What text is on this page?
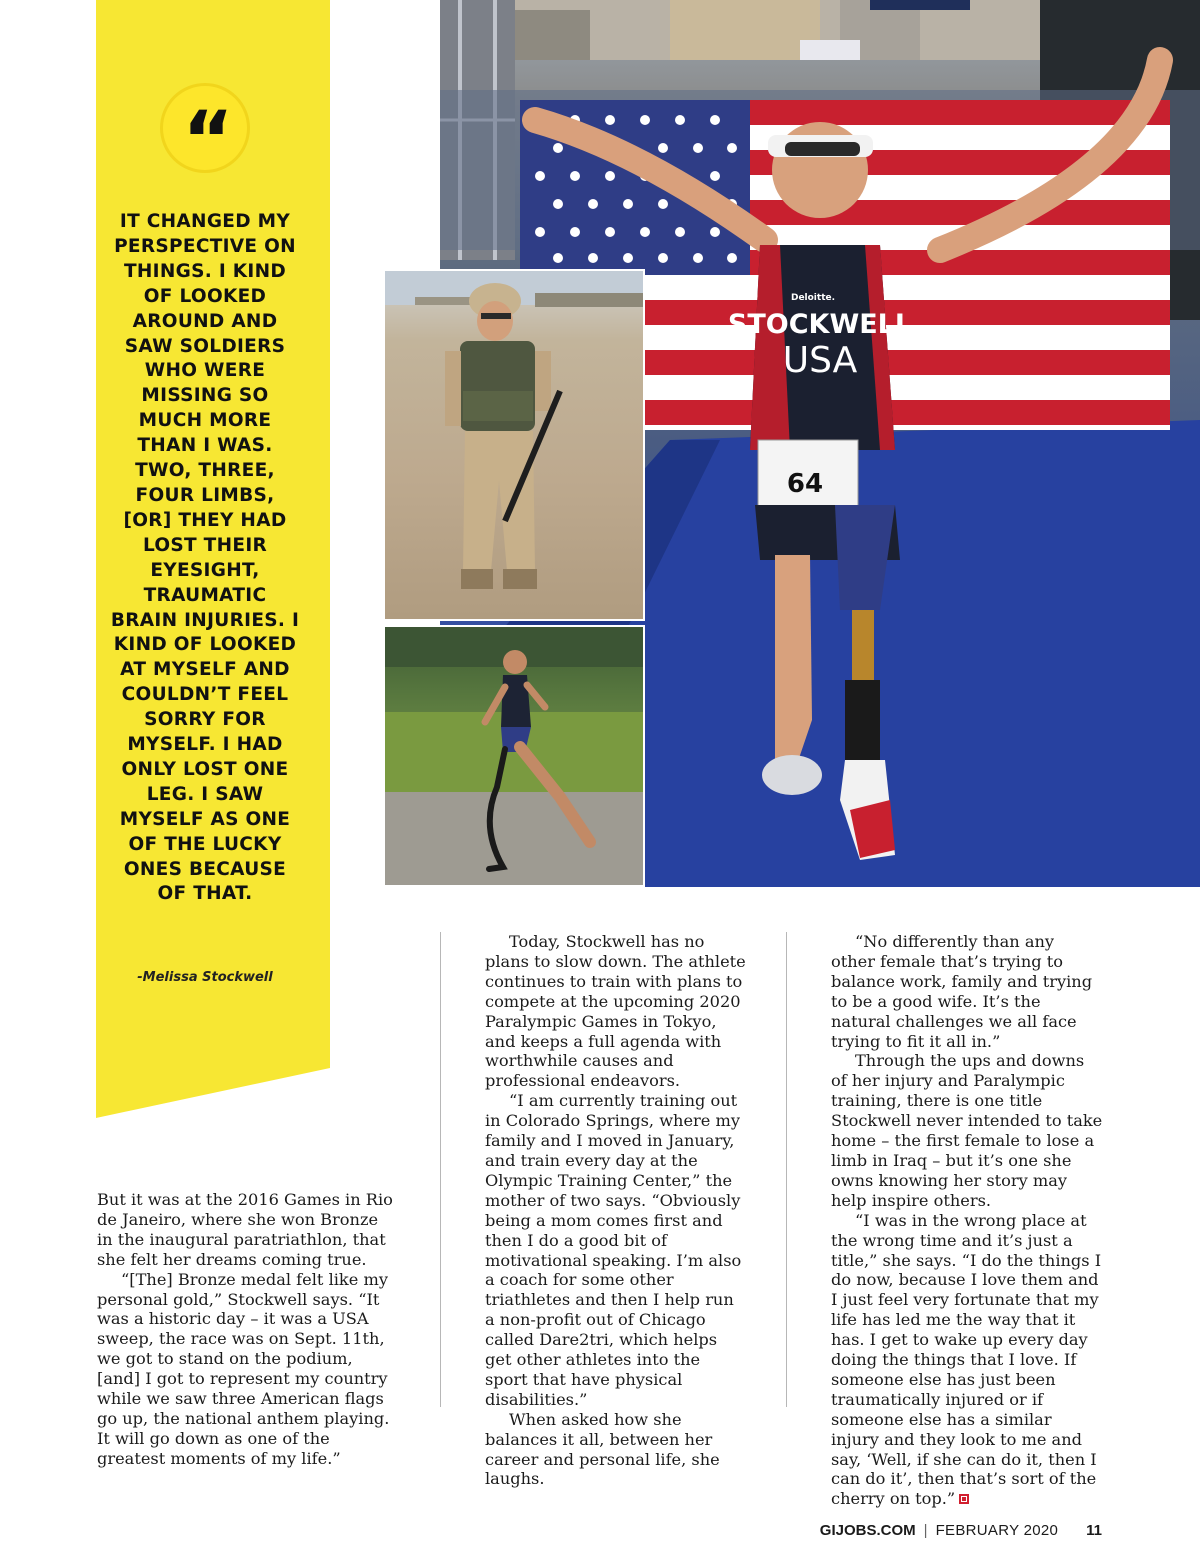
“

IT CHANGED MY PERSPECTIVE ON THINGS. I KIND OF LOOKED AROUND AND SAW SOLDIERS WHO WERE MISSING SO MUCH MORE THAN I WAS. TWO, THREE, FOUR LIMBS, [OR] THEY HAD LOST THEIR EYESIGHT, TRAUMATIC BRAIN INJURIES. I KIND OF LOOKED AT MYSELF AND COULDN’T FEEL SORRY FOR MYSELF. I HAD ONLY LOST ONE LEG. I SAW MYSELF AS ONE OF THE LUCKY ONES BECAUSE OF THAT.

-Melissa Stockwell
STOCKWELL
USA
Deloitte.
64

But it was at the 2016 Games in Rio de Janeiro, where she won Bronze in the inaugural paratriathlon, that she felt her dreams coming true.

“[The] Bronze medal felt like my personal gold,” Stockwell says. “It was a historic day – it was a USA sweep, the race was on Sept. 11th, we got to stand on the podium, [and] I got to represent my country while we saw three American flags go up, the national anthem playing. It will go down as one of the greatest moments of my life.”

Today, Stockwell has no plans to slow down. The athlete continues to train with plans to compete at the upcoming 2020 Paralympic Games in Tokyo, and keeps a full agenda with worthwhile causes and professional endeavors.

“I am currently training out in Colorado Springs, where my family and I moved in January, and train every day at the Olympic Training Center,” the mother of two says. “Obviously being a mom comes first and then I do a good bit of motivational speaking. I’m also a coach for some other triathletes and then I help run a non-profit out of Chicago called Dare2tri, which helps get other athletes into the sport that have physical disabilities.”

When asked how she balances it all, between her career and personal life, she laughs.

“No differently than any other female that’s trying to balance work, family and trying to be a good wife. It’s the natural challenges we all face trying to fit it all in.”

Through the ups and downs of her injury and Paralympic training, there is one title Stockwell never intended to take home – the first female to lose a limb in Iraq – but it’s one she owns knowing her story may help inspire others.

“I was in the wrong place at the wrong time and it’s just a title,” she says. “I do the things I do now, because I love them and I just feel very fortunate that my life has led me the way that it has. I get to wake up every day doing the things that I love. If someone else has just been traumatically injured or if someone else has a similar injury and they look to me and say, ‘Well, if she can do it, then I can do it’, then that’s sort of the cherry on top.”

GIJOBS.COM | FEBRUARY 2020 11
